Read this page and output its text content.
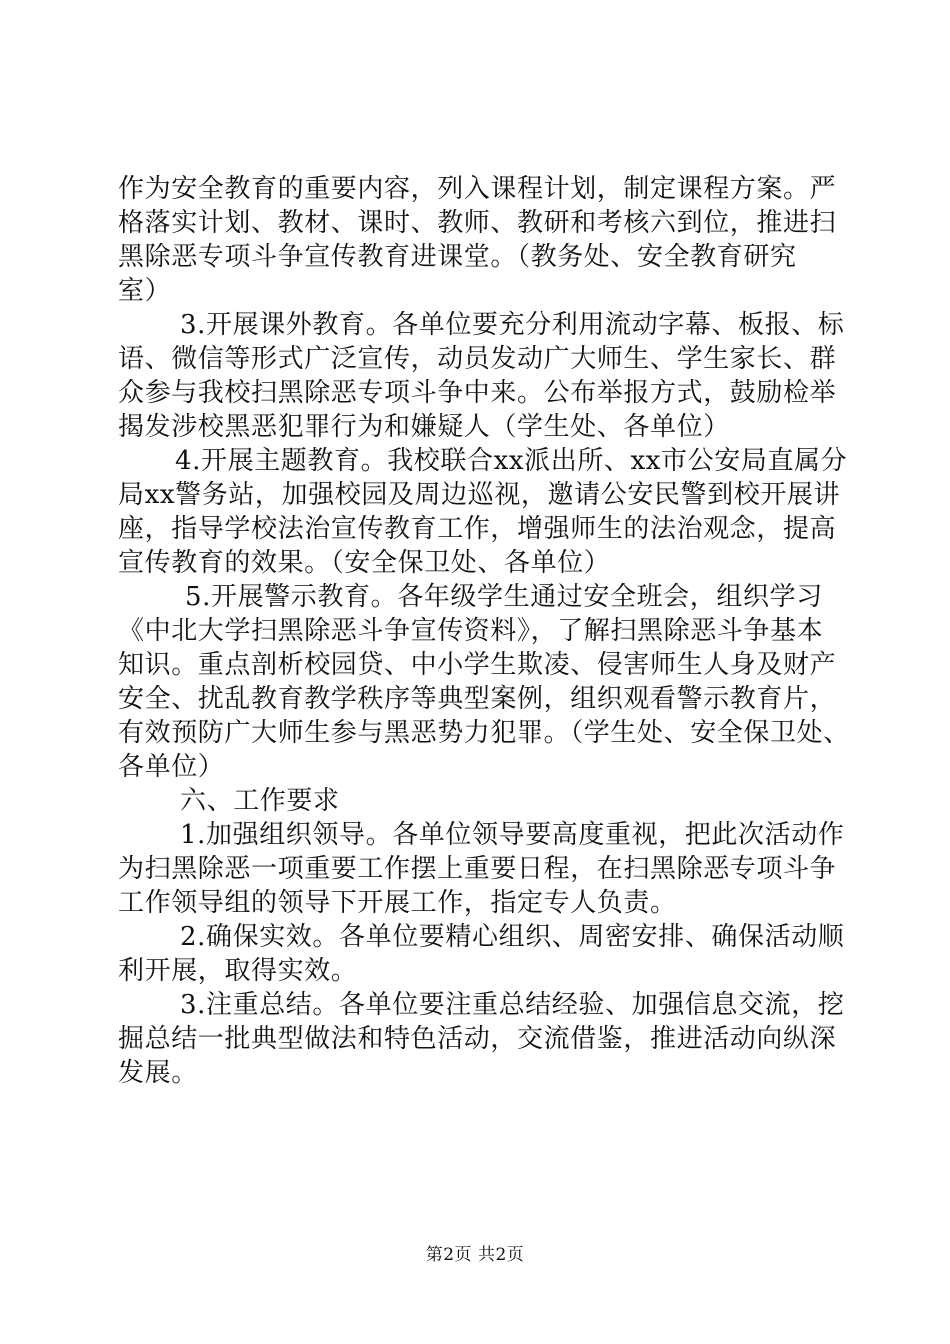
作为安全教育的重要内容，列入课程计划，制定课程方案。严
格落实计划、教材、课时、教师、教研和考核六到位，推进扫
黑除恶专项斗争宣传教育进课堂。（教务处、安全教育研究
室）
3.开展课外教育。各单位要充分利用流动字幕、板报、标
语、微信等形式广泛宣传，动员发动广大师生、学生家长、群
众参与我校扫黑除恶专项斗争中来。公布举报方式，鼓励检举
揭发涉校黑恶犯罪行为和嫌疑人（学生处、各单位）
4.开展主题教育。我校联合xx派出所、xx市公安局直属分
局xx警务站，加强校园及周边巡视，邀请公安民警到校开展讲
座，指导学校法治宣传教育工作，增强师生的法治观念，提高
宣传教育的效果。（安全保卫处、各单位）
5.开展警示教育。各年级学生通过安全班会，组织学习
《中北大学扫黑除恶斗争宣传资料》，了解扫黑除恶斗争基本
知识。重点剖析校园贷、中小学生欺凌、侵害师生人身及财产
安全、扰乱教育教学秩序等典型案例，组织观看警示教育片，
有效预防广大师生参与黑恶势力犯罪。（学生处、安全保卫处、
各单位）
六、工作要求
1.加强组织领导。各单位领导要高度重视，把此次活动作
为扫黑除恶一项重要工作摆上重要日程，在扫黑除恶专项斗争
工作领导组的领导下开展工作，指定专人负责。
2.确保实效。各单位要精心组织、周密安排、确保活动顺
利开展，取得实效。
3.注重总结。各单位要注重总结经验、加强信息交流，挖
掘总结一批典型做法和特色活动，交流借鉴，推进活动向纵深
发展。
第2页 共2页
